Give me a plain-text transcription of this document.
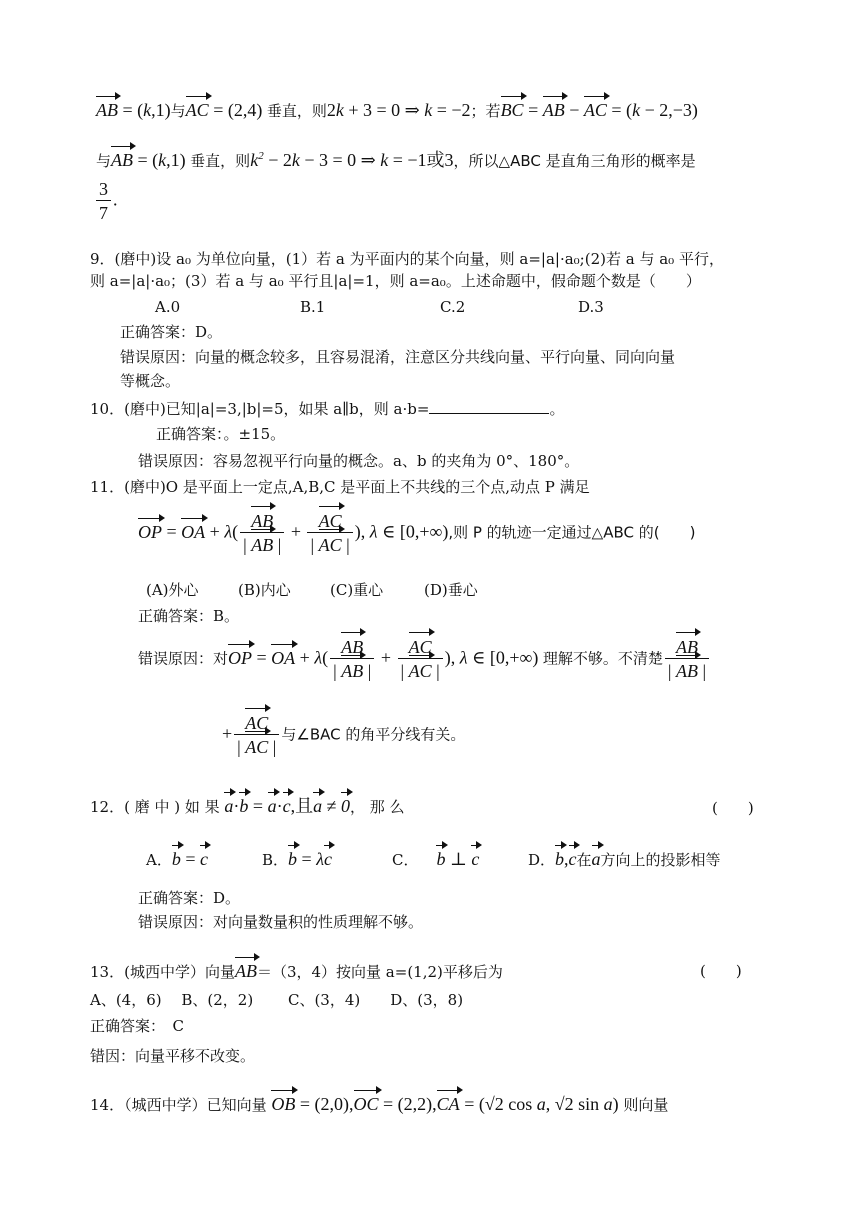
AB = (k,1)与AC = (2,4) 垂直，则2k + 3 = 0 ⇒ k = −2；若BC = AB − AC = (k − 2,−3)
与AB = (k,1) 垂直，则$k^2 - 2k - 3 = 0$ ⇒ k = −1或3，所以△ABC 是直角三角形的概率是
$\frac{3}{7}$ .
9．(磨中)设 a₀ 为单位向量，(1）若 a 为平面内的某个向量，则 a=|a|·a₀;(2)若 a 与 a₀ 平行，
则 a=|a|·a₀；(3）若 a 与 a₀ 平行且|a|=1，则 a=a₀。上述命题中，假命题个数是（　　）
A.0	B.1	C.2	D.3
正确答案：D。
错误原因：向量的概念较多，且容易混淆，注意区分共线向量、平行向量、同向向量
等概念。
10．(磨中)已知|a|=3,|b|=5，如果 a∥b，则 a·b=	。
正确答案：。±15。
错误原因：容易忽视平行向量的概念。a、b 的夹角为 0°、180°。
11．(磨中)O 是平面上一定点,A,B,C 是平面上不共线的三个点,动点 P 满足
OP = OA + $\lambda( \frac{AB}{| AB |} + \frac{AC}{| AC |}$ ), λ ∈ [0,+∞),则 P 的轨迹一定通过△ABC 的(　　)
(A)外心	(B)内心	(C)重心	(D)垂心
正确答案：B。
错误原因：对OP = OA + $\lambda( \frac{AB}{| AB |} + \frac{AC}{| AC |}$ ), λ ∈ [0,+∞) 理解不够。不清楚 $\frac{AB}{| AB |}$
+ $\frac{AC}{| AC |}$ 与∠BAC 的角平分线有关。
12．( 磨 中 ) 如 果 a·b = a·c,且a ≠ 0， 那 么	(　　)
A．b = c	B．b = λc	C． b ⊥ c	D．b,c在a方向上的投影相等
正确答案：D。
错误原因：对向量数量积的性质理解不够。
13．(城西中学）向量AB＝（3，4）按向量 a=(1,2)平移后为	(　　)
A、(4，6)　 B、(2，2)　　 C、(3，4)　　D、(3，8)
正确答案：　C
错因：向量平移不改变。
14．（城西中学）已知向量 OB = (2,0),OC = (2,2),CA = (√2 cos a, √2 sin a) 则向量
